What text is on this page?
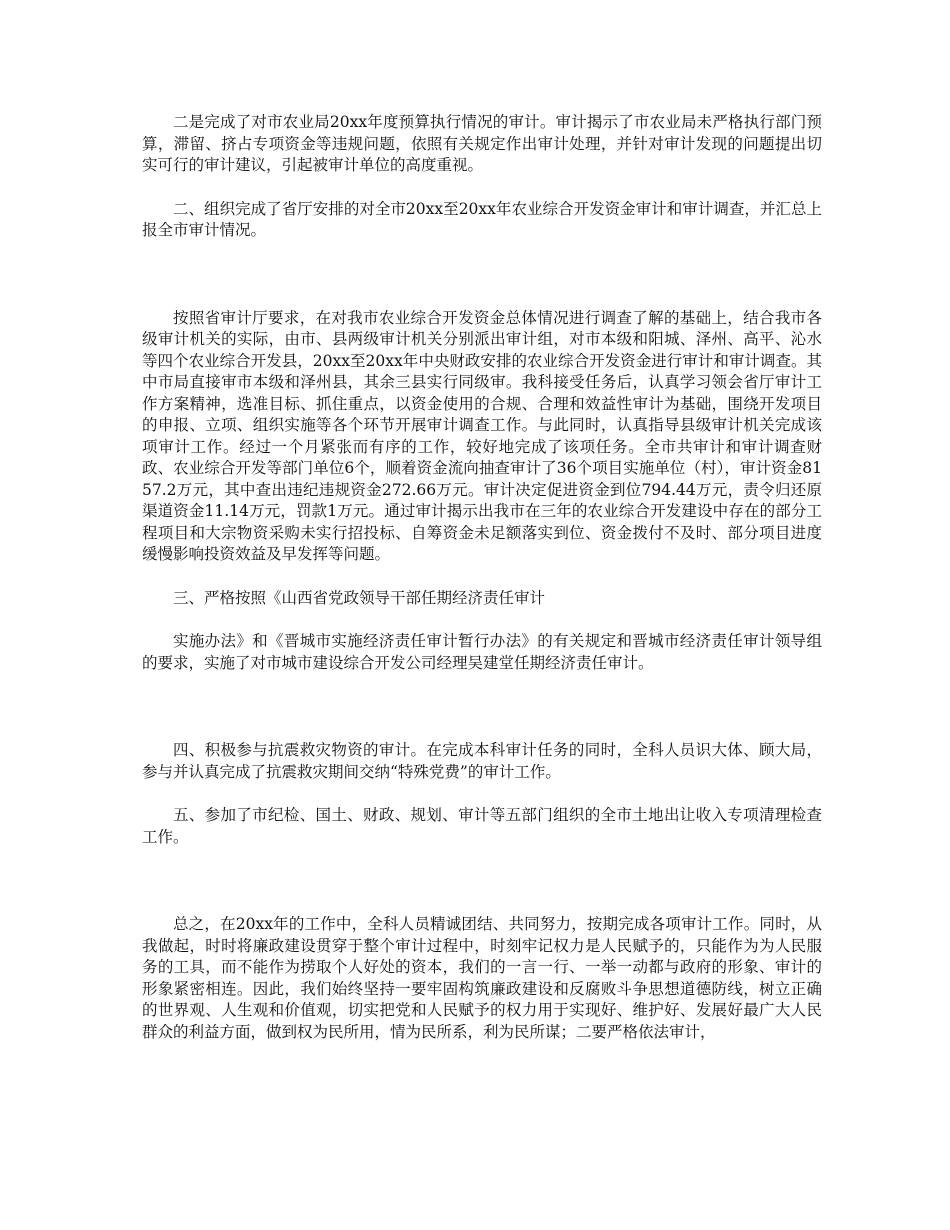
二是完成了对市农业局20xx年度预算执行情况的审计。审计揭示了市农业局未严格执行部门预算，滞留、挤占专项资金等违规问题，依照有关规定作出审计处理，并针对审计发现的问题提出切实可行的审计建议，引起被审计单位的高度重视。

二、组织完成了省厅安排的对全市20xx至20xx年农业综合开发资金审计和审计调查，并汇总上报全市审计情况。

按照省审计厅要求，在对我市农业综合开发资金总体情况进行调查了解的基础上，结合我市各级审计机关的实际，由市、县两级审计机关分别派出审计组，对市本级和阳城、泽州、高平、沁水等四个农业综合开发县，20xx至20xx年中央财政安排的农业综合开发资金进行审计和审计调查。其中市局直接审市本级和泽州县，其余三县实行同级审。我科接受任务后，认真学习领会省厅审计工作方案精神，选准目标、抓住重点，以资金使用的合规、合理和效益性审计为基础，围绕开发项目的申报、立项、组织实施等各个环节开展审计调查工作。与此同时，认真指导县级审计机关完成该项审计工作。经过一个月紧张而有序的工作，较好地完成了该项任务。全市共审计和审计调查财政、农业综合开发等部门单位6个，顺着资金流向抽查审计了36个项目实施单位（村），审计资金8157.2万元，其中查出违纪违规资金272.66万元。审计决定促进资金到位794.44万元，责令归还原渠道资金11.14万元，罚款1万元。通过审计揭示出我市在三年的农业综合开发建设中存在的部分工程项目和大宗物资采购未实行招投标、自筹资金未足额落实到位、资金拨付不及时、部分项目进度缓慢影响投资效益及早发挥等问题。

三、严格按照《山西省党政领导干部任期经济责任审计

实施办法》和《晋城市实施经济责任审计暂行办法》的有关规定和晋城市经济责任审计领导组的要求，实施了对市城市建设综合开发公司经理吴建堂任期经济责任审计。

四、积极参与抗震救灾物资的审计。在完成本科审计任务的同时，全科人员识大体、顾大局，参与并认真完成了抗震救灾期间交纳“特殊党费”的审计工作。

五、参加了市纪检、国土、财政、规划、审计等五部门组织的全市土地出让收入专项清理检查工作。

总之，在20xx年的工作中，全科人员精诚团结、共同努力，按期完成各项审计工作。同时，从我做起，时时将廉政建设贯穿于整个审计过程中，时刻牢记权力是人民赋予的，只能作为为人民服务的工具，而不能作为捞取个人好处的资本，我们的一言一行、一举一动都与政府的形象、审计的形象紧密相连。因此，我们始终坚持一要牢固构筑廉政建设和反腐败斗争思想道德防线，树立正确的世界观、人生观和价值观，切实把党和人民赋予的权力用于实现好、维护好、发展好最广大人民群众的利益方面，做到权为民所用，情为民所系，利为民所谋；二要严格依法审计，
